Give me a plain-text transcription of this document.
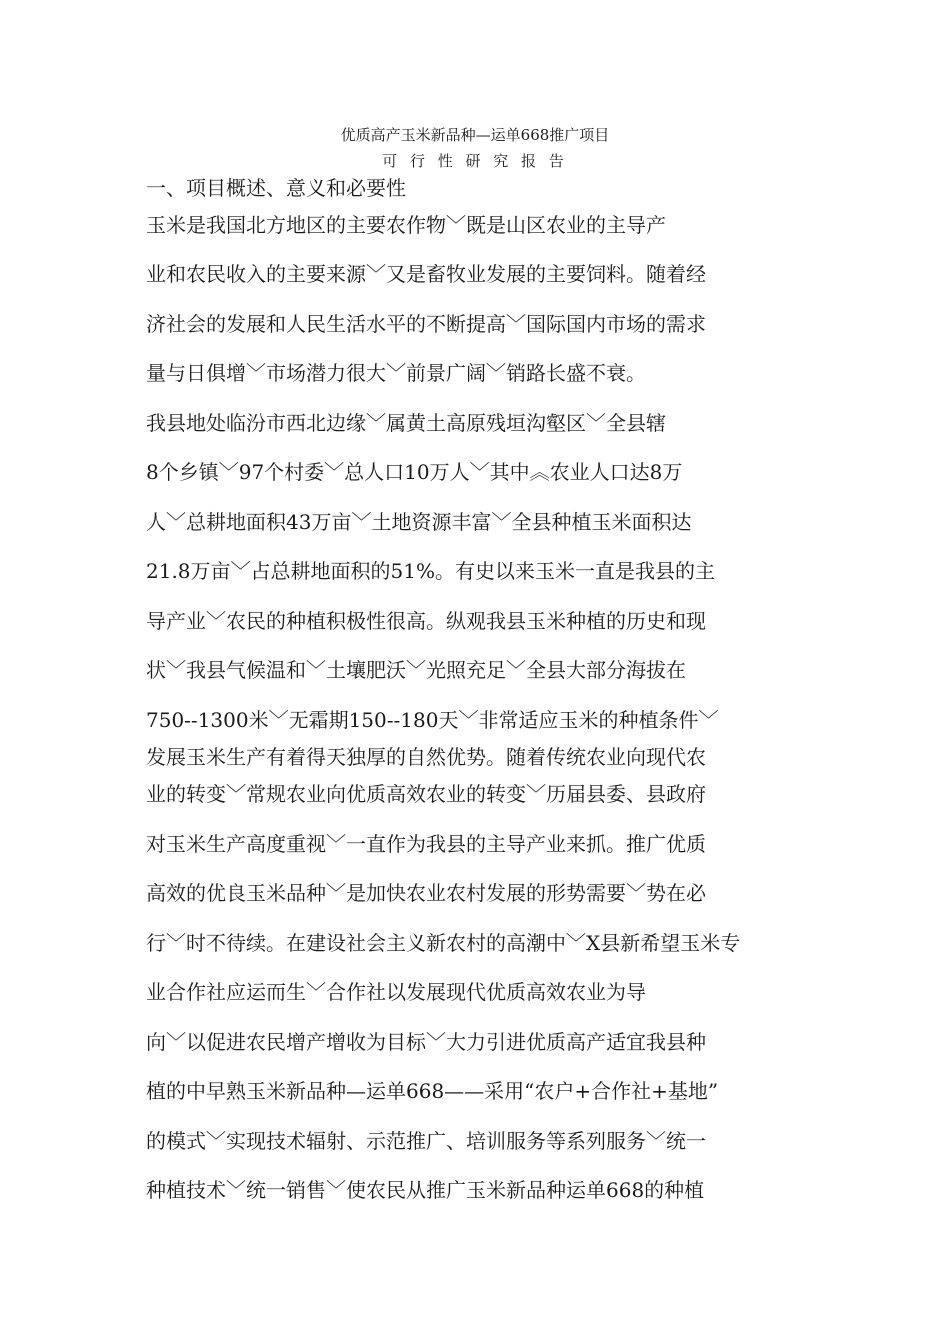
优质高产玉米新品种—运单668推广项目
可 行 性 研 究 报 告
一、项目概述、意义和必要性
玉米是我国北方地区的主要农作物﹀既是山区农业的主导产
业和农民收入的主要来源﹀又是畜牧业发展的主要饲料。随着经
济社会的发展和人民生活水平的不断提高﹀国际国内市场的需求
量与日俱增﹀市场潜力很大﹀前景广阔﹀销路长盛不衰。
我县地处临汾市西北边缘﹀属黄土高原残垣沟壑区﹀全县辖
8个乡镇﹀97个村委﹀总人口10万人﹀其中︽农业人口达8万
人﹀总耕地面积43万亩﹀土地资源丰富﹀全县种植玉米面积达
21.8万亩﹀占总耕地面积的51%。有史以来玉米一直是我县的主
导产业﹀农民的种植积极性很高。纵观我县玉米种植的历史和现
状﹀我县气候温和﹀土壤肥沃﹀光照充足﹀全县大部分海拔在
750--1300米﹀无霜期150--180天﹀非常适应玉米的种植条件﹀
发展玉米生产有着得天独厚的自然优势。随着传统农业向现代农
业的转变﹀常规农业向优质高效农业的转变﹀历届县委、县政府
对玉米生产高度重视﹀一直作为我县的主导产业来抓。推广优质
高效的优良玉米品种﹀是加快农业农村发展的形势需要﹀势在必
行﹀时不待续。在建设社会主义新农村的高潮中﹀X县新希望玉米专
业合作社应运而生﹀合作社以发展现代优质高效农业为导
向﹀以促进农民增产增收为目标﹀大力引进优质高产适宜我县种
植的中早熟玉米新品种—运单668——采用“农户+合作社+基地”
的模式﹀实现技术辐射、示范推广、培训服务等系列服务﹀统一
种植技术﹀统一销售﹀使农民从推广玉米新品种运单668的种植
